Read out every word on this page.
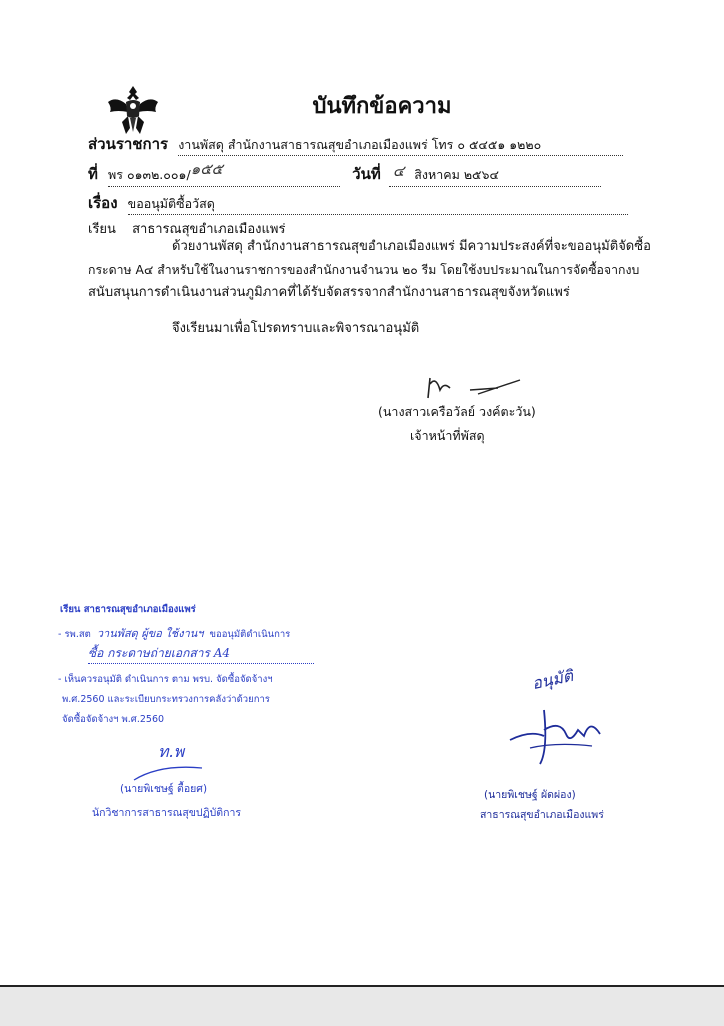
บันทึกข้อความ
ส่วนราชการ งานพัสดุ สำนักงานสาธารณสุขอำเภอเมืองแพร่ โทร ๐ ๕๔๕๑ ๑๒๒๐
ที่ พร ๐๑๓๒.๐๐๑/๑๕๕	วันที่ ๔ สิงหาคม ๒๕๖๔
เรื่อง ขออนุมัติซื้อวัสดุ
เรียน สาธารณสุขอำเภอเมืองแพร่
ด้วยงานพัสดุ สำนักงานสาธารณสุขอำเภอเมืองแพร่ มีความประสงค์ที่จะขออนุมัติจัดซื้อ
กระดาษ A๔ สำหรับใช้ในงานราชการของสำนักงานจำนวน ๒๐ รีม โดยใช้งบประมาณในการจัดซื้อจากงบ
สนับสนุนการดำเนินงานส่วนภูมิภาคที่ได้รับจัดสรรจากสำนักงานสาธารณสุขจังหวัดแพร่
จึงเรียนมาเพื่อโปรดทราบและพิจารณาอนุมัติ
(นางสาวเครือวัลย์ วงค์ตะวัน)
เจ้าหน้าที่พัสดุ
เรียน สาธารณสุขอำเภอเมืองแพร่
- รพ.สต วานพัสดุ ผู้ขอ ใช้งานฯ ขออนุมัติดำเนินการ
ซื้อ กระดาษถ่ายเอกสาร A4
- เห็นควรอนุมัติ ดำเนินการ ตาม พรบ. จัดซื้อจัดจ้างฯ
พ.ศ.2560 และระเบียบกระทรวงการคลังว่าด้วยการ
จัดซื้อจัดจ้างฯ พ.ศ.2560
ท.พ
(นายพิเชษฐ์ ตื้อยศ)
นักวิชาการสาธารณสุขปฏิบัติการ
อนุมัติ
(นายพิเชษฐ์ ผัดผ่อง)
สาธารณสุขอำเภอเมืองแพร่
